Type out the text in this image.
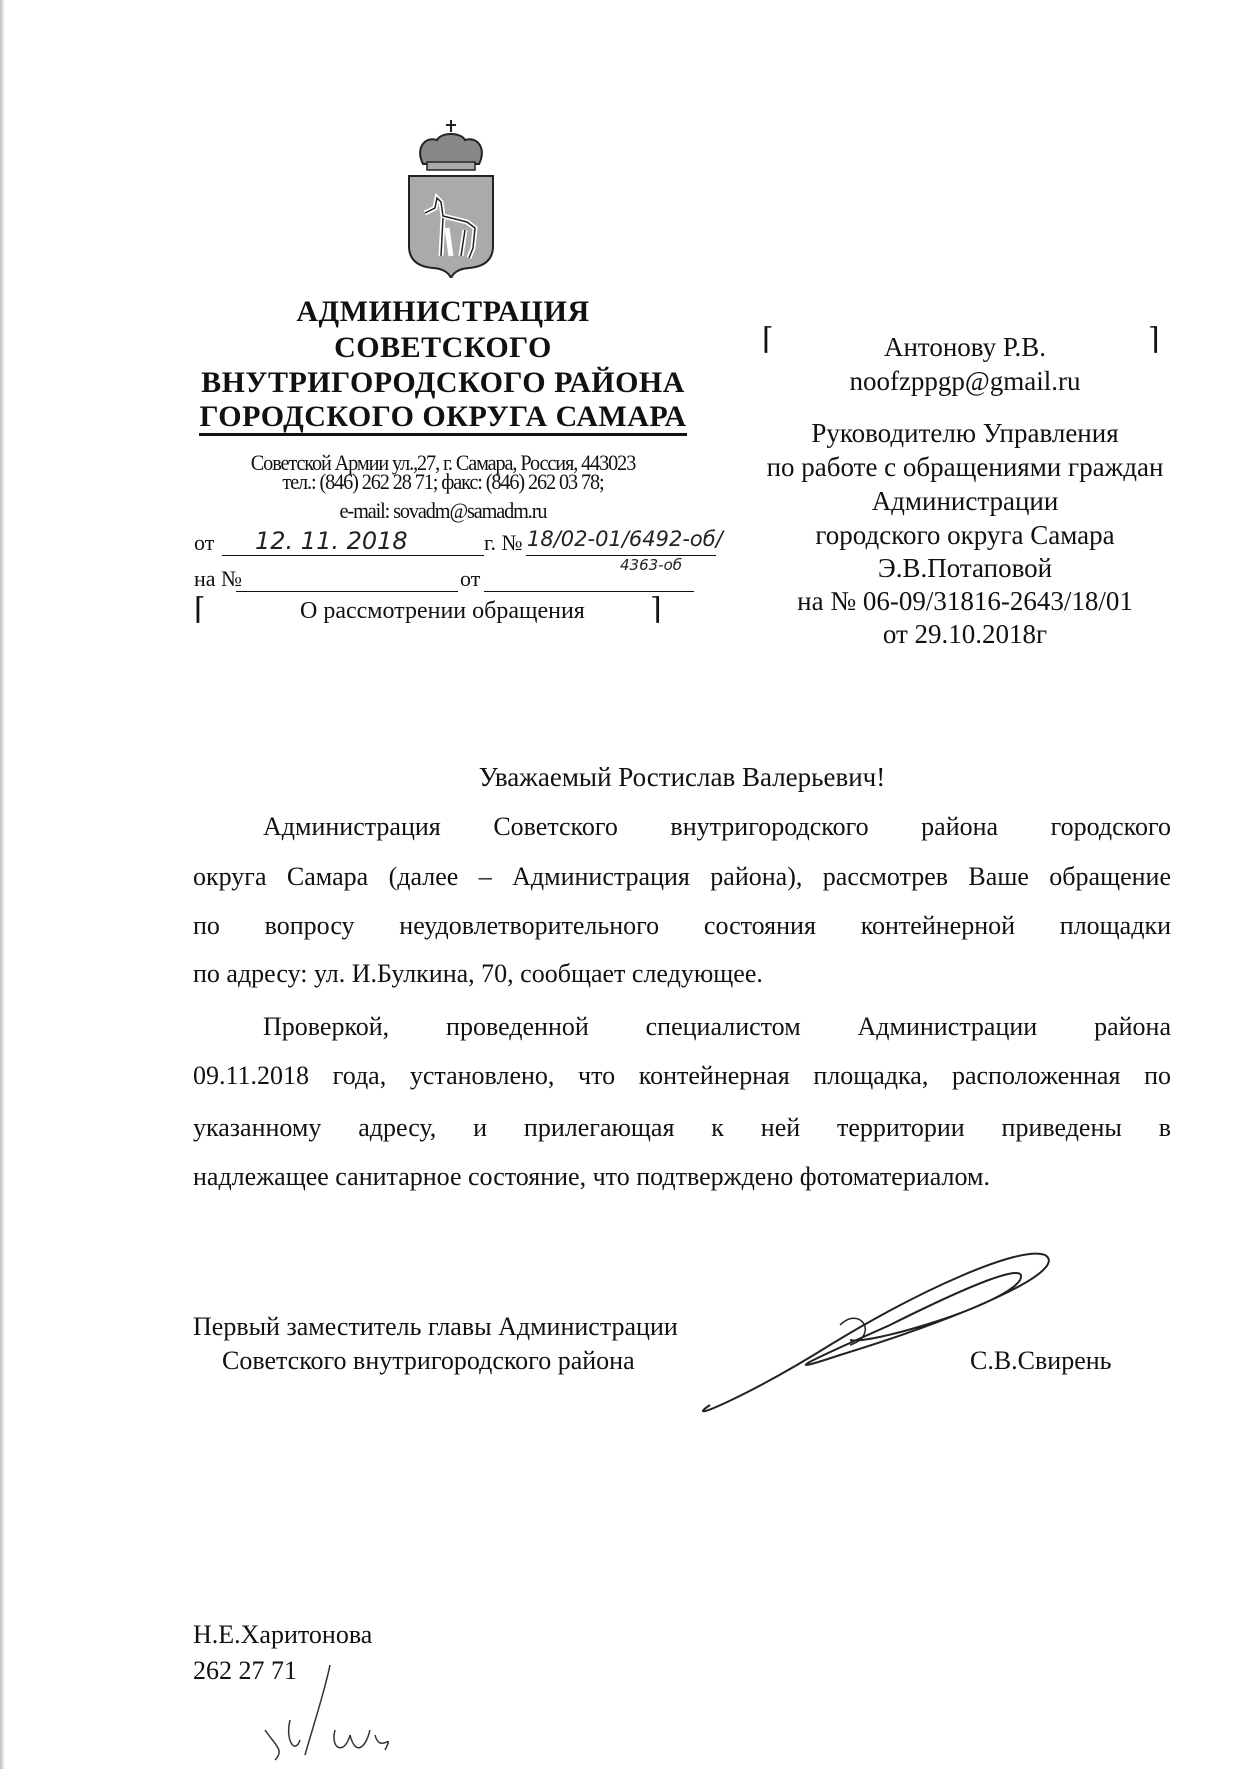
АДМИНИСТРАЦИЯ
СОВЕТСКОГО
ВНУТРИГОРОДСКОГО РАЙОНА
ГОРОДСКОГО ОКРУГА САМАРА
Советской Армии ул.,27, г. Самара, Россия, 443023
тел.: (846) 262 28 71; факс: (846) 262 03 78;
e-mail: sovadm@samadm.ru
от 12. 11. 2018	г. № 18/02-01/6492-об/
4363-об
на №	от
⌈	О рассмотрении обращения ⌉
⌈	⌉
Антонову Р.В.
noofzppgp@gmail.ru
Руководителю Управления
по работе с обращениями граждан
Администрации
городского округа Самара
Э.В.Потаповой
на № 06-09/31816-2643/18/01
от 29.10.2018г
Уважаемый Ростислав Валерьевич!
Администрация Советского внутригородского района городского
округа Самара (далее – Администрация района), рассмотрев Ваше обращение
по вопросу неудовлетворительного состояния контейнерной площадки
по адресу: ул. И.Булкина, 70, сообщает следующее.
Проверкой, проведенной специалистом Администрации района
09.11.2018 года, установлено, что контейнерная площадка, расположенная по
указанному адресу, и прилегающая к ней территории приведены в
надлежащее санитарное состояние, что подтверждено фотоматериалом.
Первый заместитель главы Администрации
Советского внутригородского района	С.В.Свирень
Н.Е.Харитонова
262 27 71
